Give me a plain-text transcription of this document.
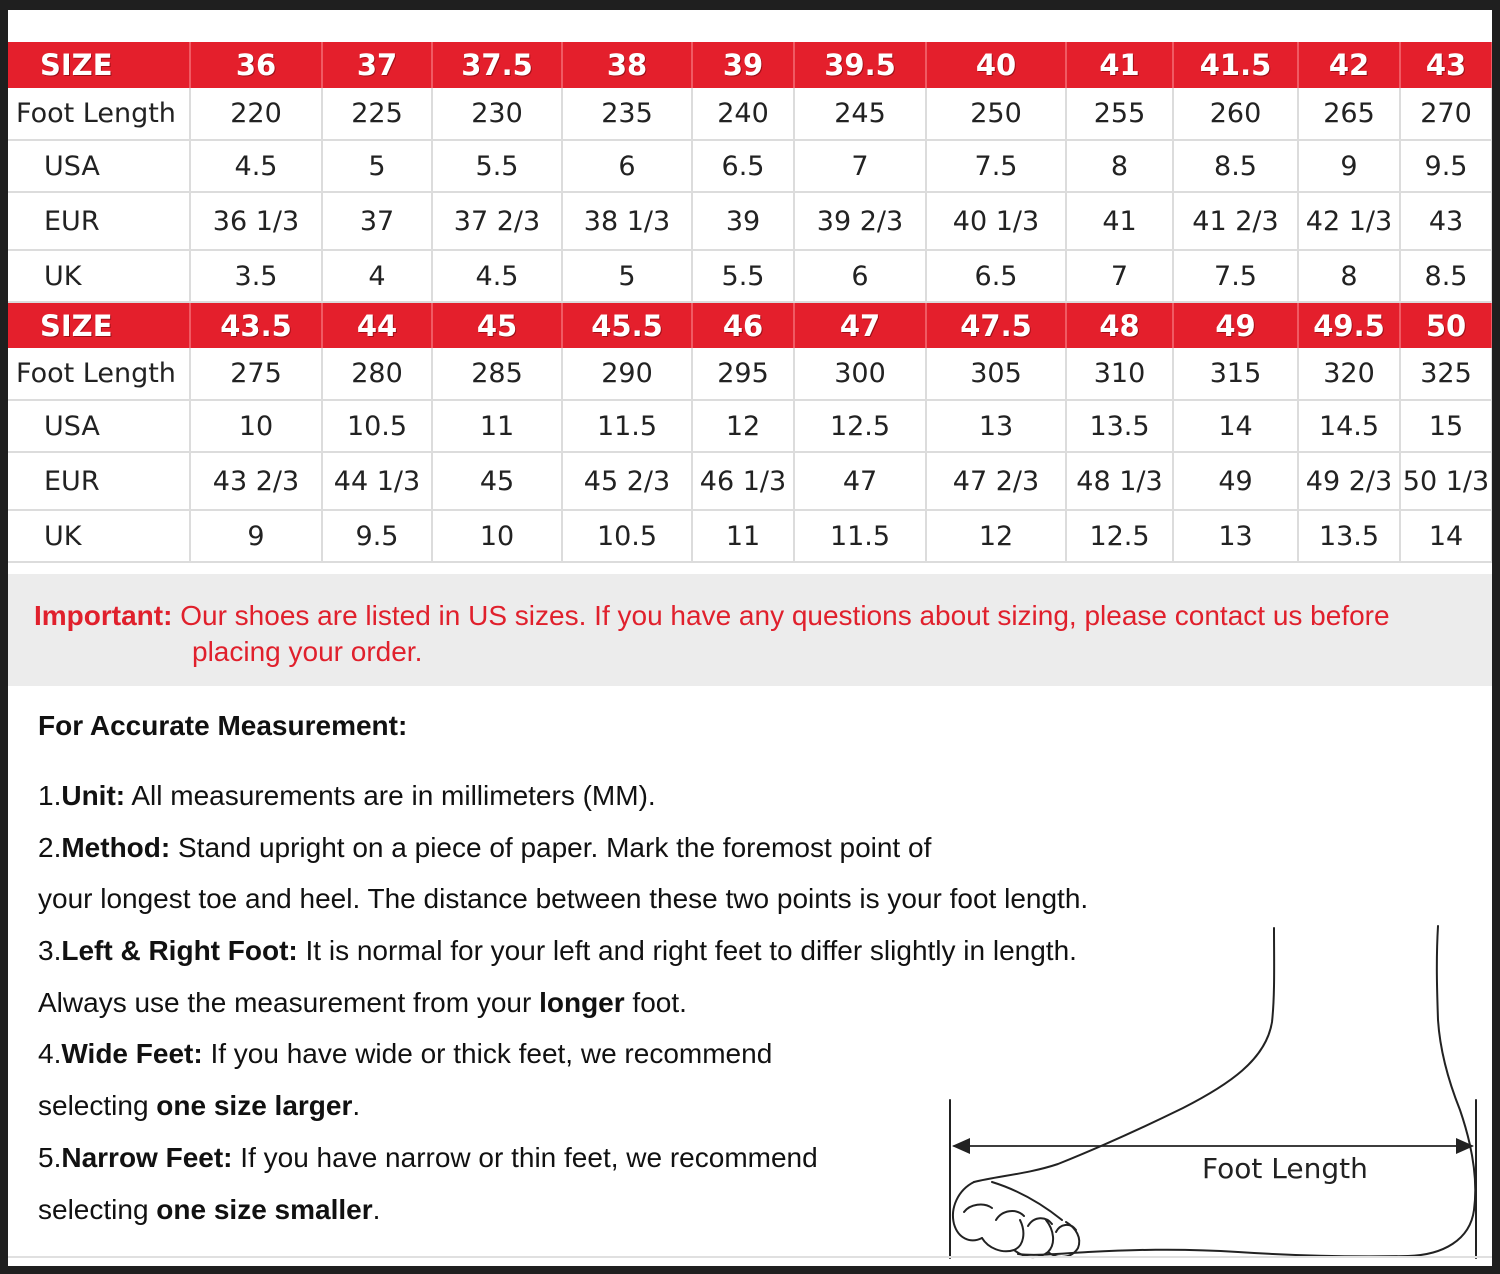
SIZE	36	37	37.5	38	39	39.5	40	41	41.5	42	43
Foot Length	220	225	230	235	240	245	250	255	260	265	270
USA	4.5	5	5.5	6	6.5	7	7.5	8	8.5	9	9.5
EUR	36 1/3	37	37 2/3	38 1/3	39	39 2/3	40 1/3	41	41 2/3	42 1/3	43
UK	3.5	4	4.5	5	5.5	6	6.5	7	7.5	8	8.5
SIZE	43.5	44	45	45.5	46	47	47.5	48	49	49.5	50
Foot Length	275	280	285	290	295	300	305	310	315	320	325
USA	10	10.5	11	11.5	12	12.5	13	13.5	14	14.5	15
EUR	43 2/3	44 1/3	45	45 2/3	46 1/3	47	47 2/3	48 1/3	49	49 2/3	50 1/3
UK	9	9.5	10	10.5	11	11.5	12	12.5	13	13.5	14

Important: Our shoes are listed in US sizes. If you have any questions about sizing, please contact us before
placing your order.

For Accurate Measurement:
1.Unit: All measurements are in millimeters (MM).
2.Method: Stand upright on a piece of paper. Mark the foremost point of
your longest toe and heel. The distance between these two points is your foot length.
3.Left & Right Foot: It is normal for your left and right feet to differ slightly in length.
Always use the measurement from your longer foot.
4.Wide Feet: If you have wide or thick feet, we recommend
selecting one size larger.
5.Narrow Feet: If you have narrow or thin feet, we recommend
selecting one size smaller.
Foot Length
